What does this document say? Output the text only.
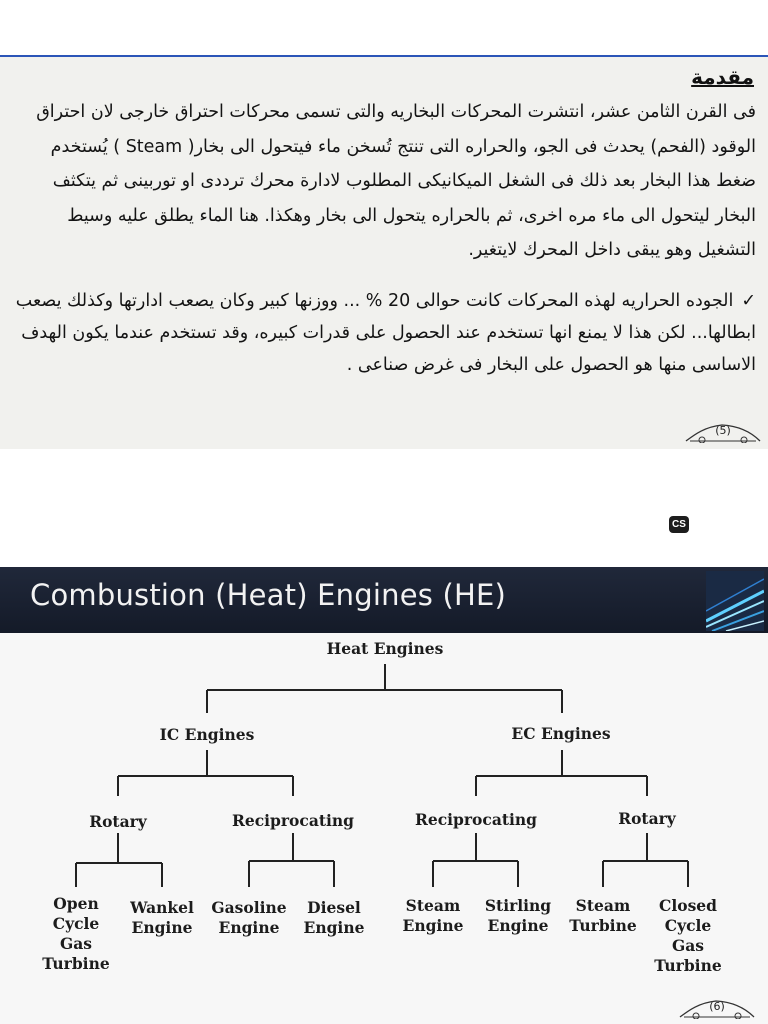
مقدمة
فى القرن الثامن عشر، انتشرت المحركات البخاريه والتى تسمى محركات احتراق خارجى لان احتراق الوقود (الفحم) يحدث فى الجو، والحراره التى تنتج تُسخن ماء فيتحول الى بخار( Steam ) يُستخدم ضغط هذا البخار بعد ذلك فى الشغل الميكانيكى المطلوب لادارة محرك ترددى او توربينى ثم يتكثف البخار ليتحول الى ماء مره اخرى، ثم بالحراره يتحول الى بخار وهكذا. هنا الماء يطلق عليه وسيط التشغيل وهو يبقى داخل المحرك لايتغير.
✓الجوده الحراريه لهذه المحركات كانت حوالى 20 % ... ووزنها كبير وكان يصعب ادارتها وكذلك يصعب ابطالها... لكن هذا لا يمنع انها تستخدم عند الحصول على قدرات كبيره، وقد تستخدم عندما يكون الهدف الاساسى منها هو الحصول على البخار فى غرض صناعى .
(5)
CS
Combustion (Heat) Engines (HE)
Heat Engines
IC Engines	EC Engines
Rotary	Reciprocating	Reciprocating	Rotary
Open
Cycle
Gas
Turbine
Wankel
Engine
Gasoline
Engine
Diesel
Engine
Steam
Engine
Stirling
Engine
Steam
Turbine
Closed
Cycle
Gas
Turbine
(6)
